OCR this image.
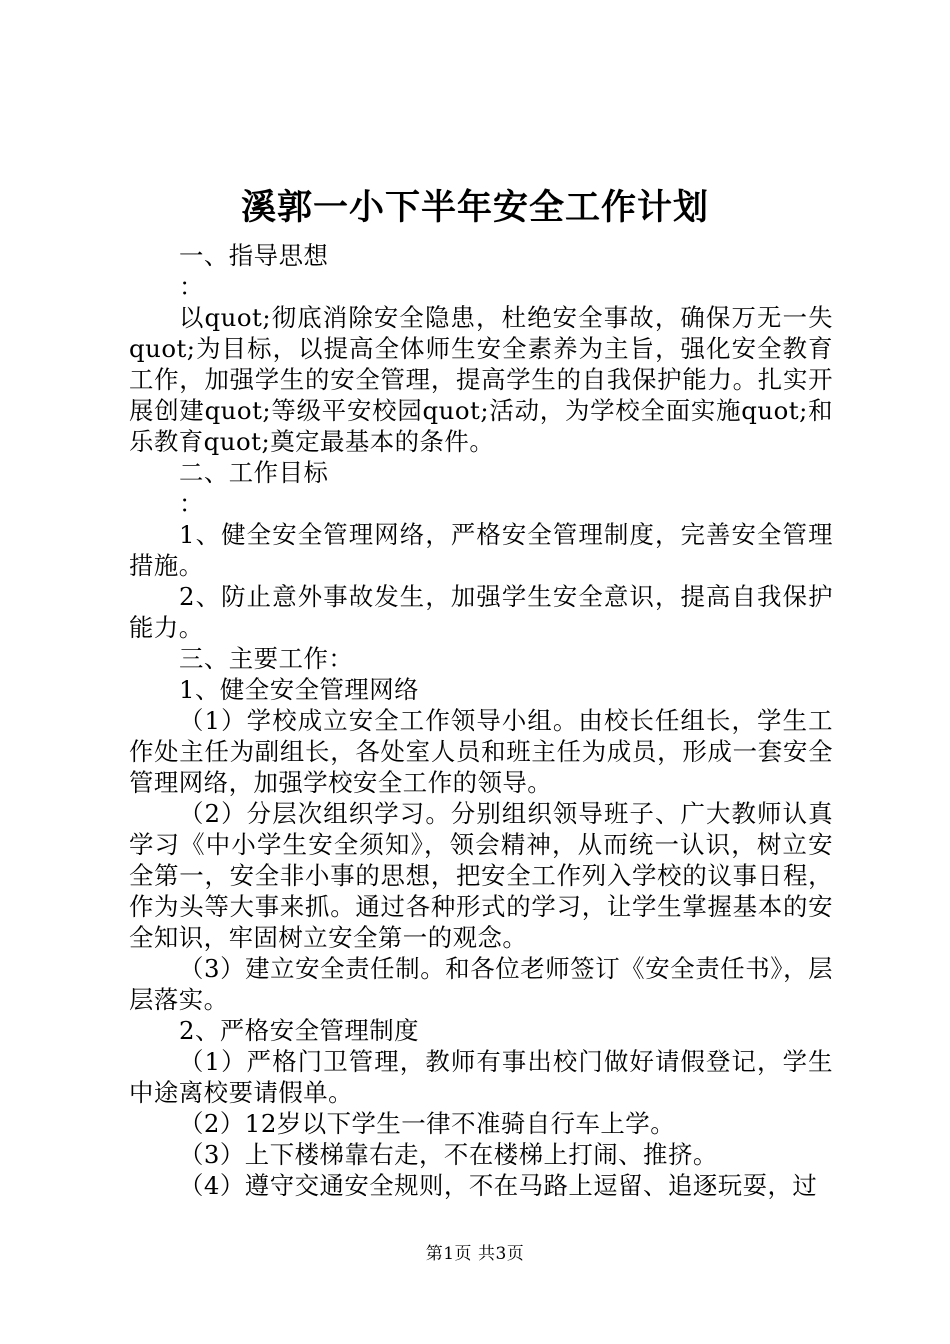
溪郭一小下半年安全工作计划

一、指导思想

：

以quot;彻底消除安全隐患，杜绝安全事故，确保万无一失quot;为目标，以提高全体师生安全素养为主旨，强化安全教育工作，加强学生的安全管理，提高学生的自我保护能力。扎实开展创建quot;等级平安校园quot;活动，为学校全面实施quot;和乐教育quot;奠定最基本的条件。

二、工作目标

：

1、健全安全管理网络，严格安全管理制度，完善安全管理措施。

2、防止意外事故发生，加强学生安全意识，提高自我保护能力。

三、主要工作：

1、健全安全管理网络

（1）学校成立安全工作领导小组。由校长任组长，学生工作处主任为副组长，各处室人员和班主任为成员，形成一套安全管理网络，加强学校安全工作的领导。

（2）分层次组织学习。分别组织领导班子、广大教师认真学习《中小学生安全须知》，领会精神，从而统一认识，树立安全第一，安全非小事的思想，把安全工作列入学校的议事日程，作为头等大事来抓。通过各种形式的学习，让学生掌握基本的安全知识，牢固树立安全第一的观念。

（3）建立安全责任制。和各位老师签订《安全责任书》，层层落实。

2、严格安全管理制度

（1）严格门卫管理，教师有事出校门做好请假登记，学生中途离校要请假单。

（2）12岁以下学生一律不准骑自行车上学。

（3）上下楼梯靠右走，不在楼梯上打闹、推挤。

（4）遵守交通安全规则，不在马路上逗留、追逐玩耍，过

第1页 共3页
